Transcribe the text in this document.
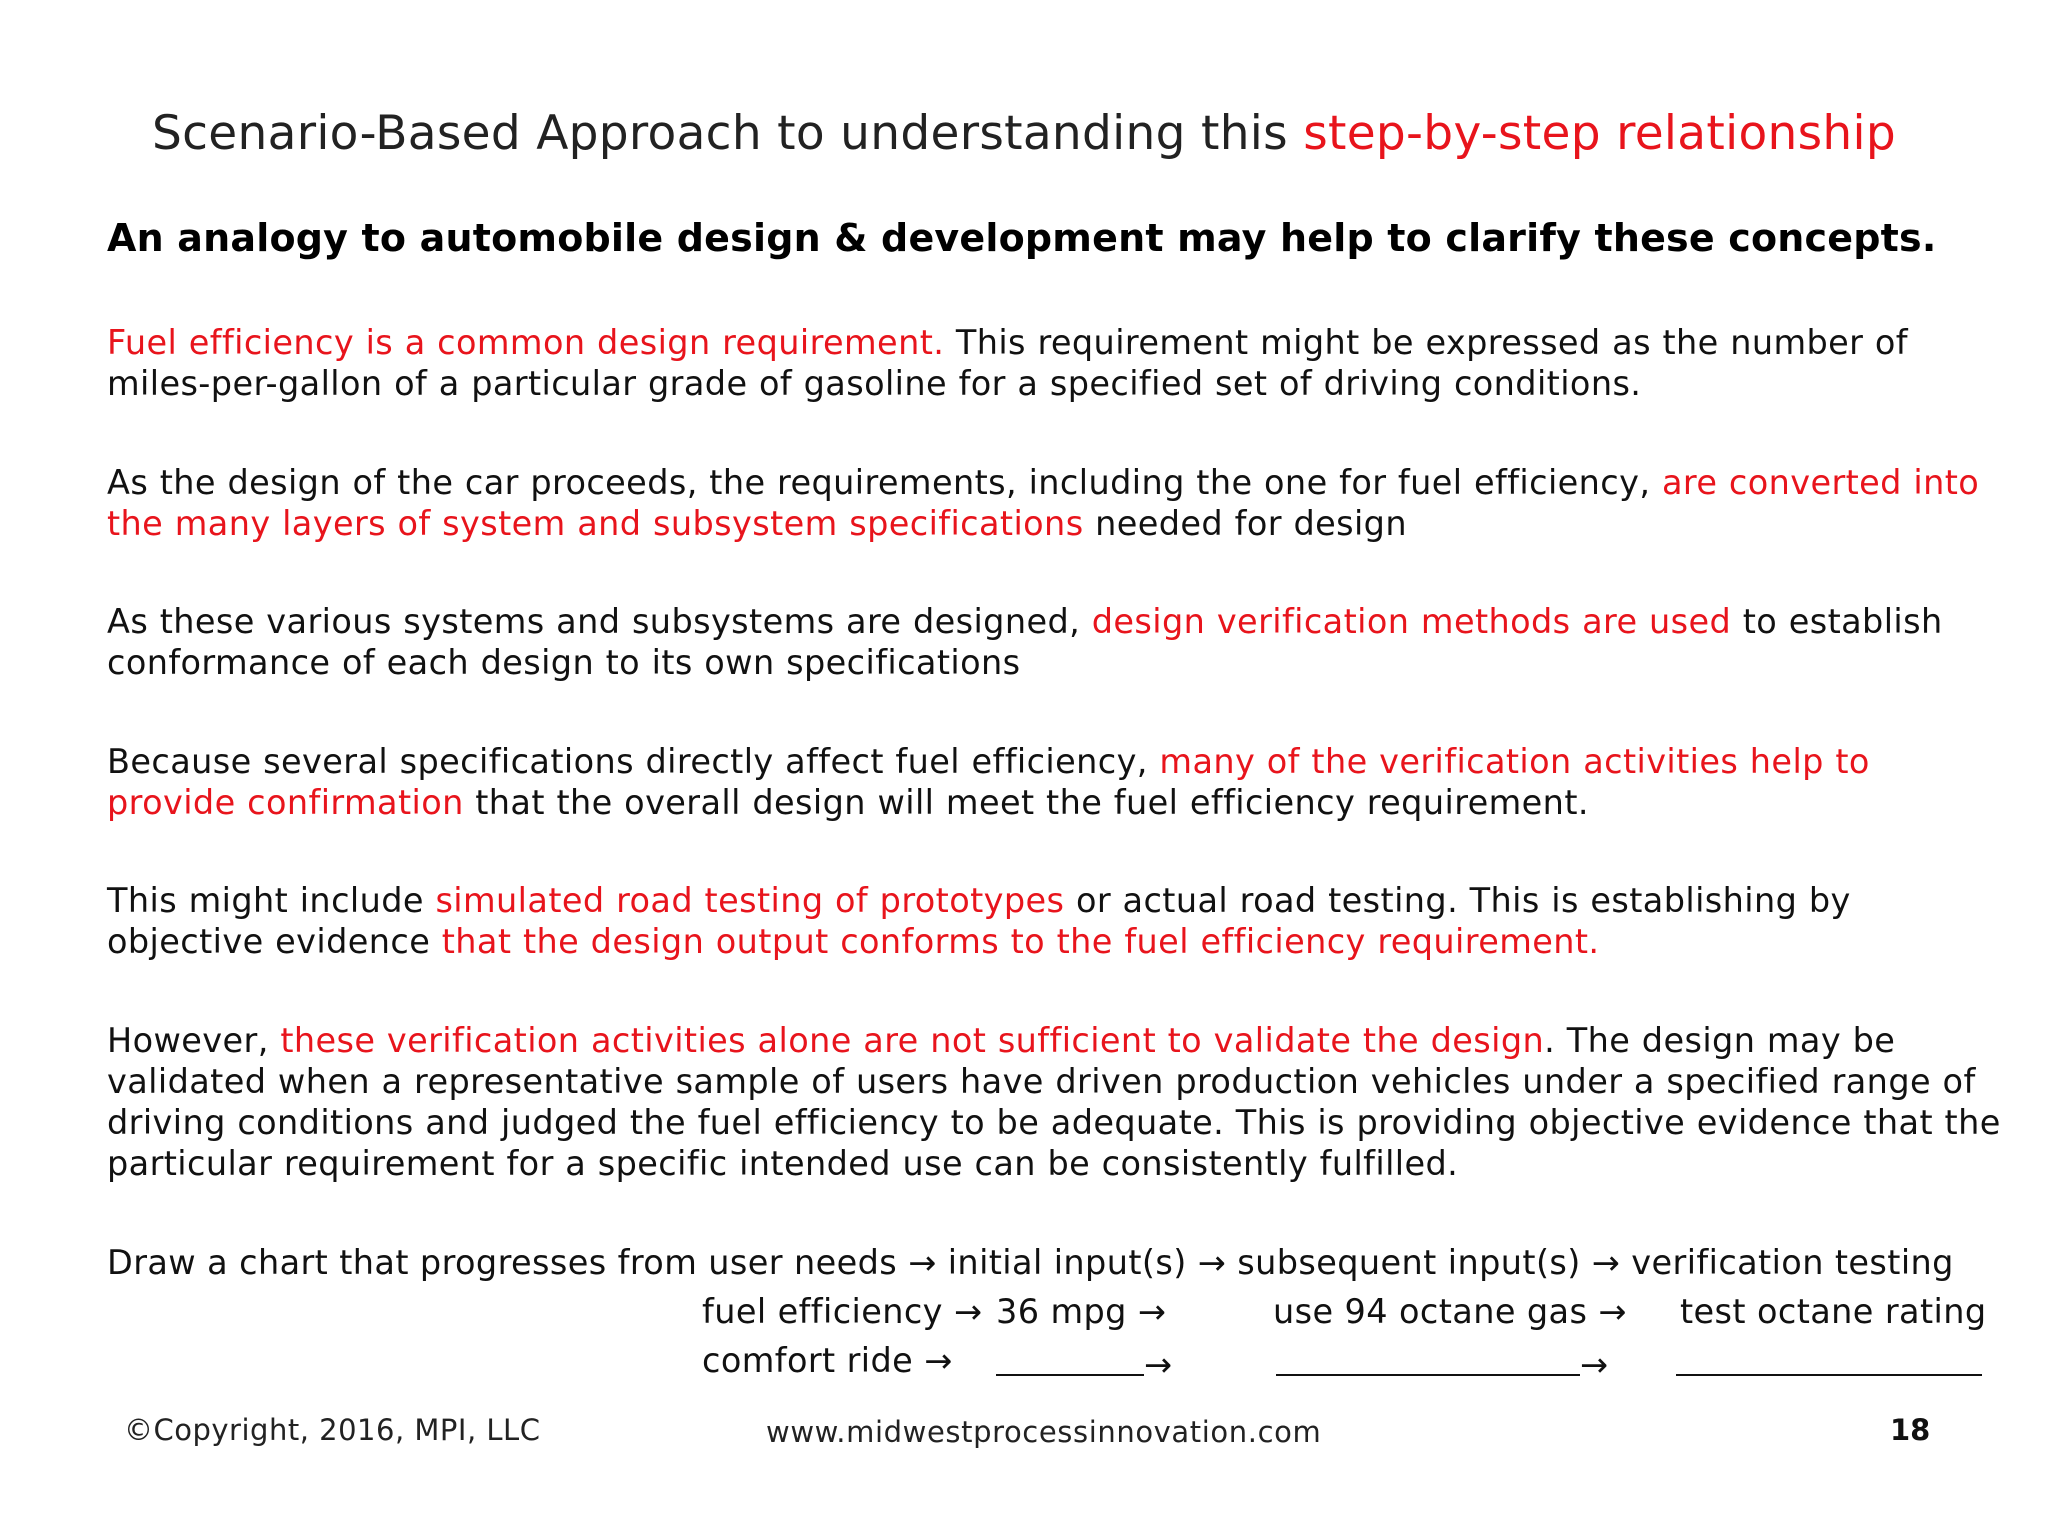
Scenario-Based Approach to understanding this step-by-step relationship
An analogy to automobile design & development may help to clarify these concepts.

Fuel efficiency is a common design requirement. This requirement might be expressed as the number of miles-per-gallon of a particular grade of gasoline for a specified set of driving conditions.

As the design of the car proceeds, the requirements, including the one for fuel efficiency, are converted into the many layers of system and subsystem specifications needed for design

As these various systems and subsystems are designed, design verification methods are used to establish conformance of each design to its own specifications

Because several specifications directly affect fuel efficiency, many of the verification activities help to provide confirmation that the overall design will meet the fuel efficiency requirement.

This might include simulated road testing of prototypes or actual road testing. This is establishing by objective evidence that the design output conforms to the fuel efficiency requirement.

However, these verification activities alone are not sufficient to validate the design. The design may be validated when a representative sample of users have driven production vehicles under a specified range of driving conditions and judged the fuel efficiency to be adequate. This is providing objective evidence that the particular requirement for a specific intended use can be consistently fulfilled.

Draw a chart that progresses from user needs → initial input(s) → subsequent input(s) → verification testing

fuel efficiency → 36 mpg →	use 94 octane gas → test octane rating
comfort ride →	→	→
©Copyright, 2016, MPI, LLC	www.midwestprocessinnovation.com	18
